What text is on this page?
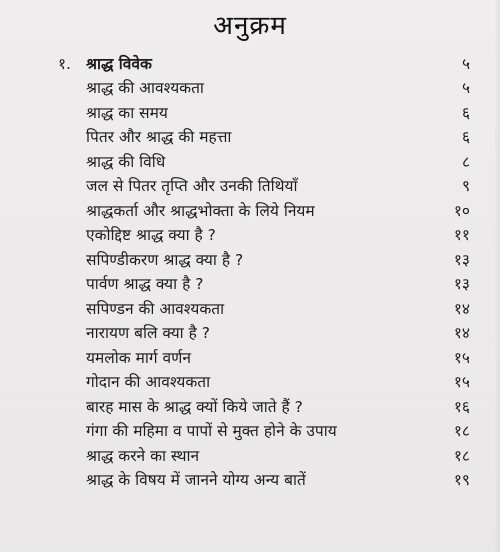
अनुक्रम
१. श्राद्ध विवेक	५
श्राद्ध की आवश्यकता	५
श्राद्ध का समय	६
पितर और श्राद्ध की महत्ता	६
श्राद्ध की विधि	८
जल से पितर तृप्ति और उनकी तिथियाँ	९
श्राद्धकर्ता और श्राद्धभोक्ता के लिये नियम	१०
एकोद्दिष्ट श्राद्ध क्या है ?	११
सपिण्डीकरण श्राद्ध क्या है ?	१३
पार्वण श्राद्ध क्या है ?	१३
सपिण्डन की आवश्यकता	१४
नारायण बलि क्या है ?	१४
यमलोक मार्ग वर्णन	१५
गोदान की आवश्यकता	१५
बारह मास के श्राद्ध क्यों किये जाते हैं ?	१६
गंगा की महिमा व पापों से मुक्त होने के उपाय	१८
श्राद्ध करने का स्थान	१८
श्राद्ध के विषय में जानने योग्य अन्य बातें	१९
